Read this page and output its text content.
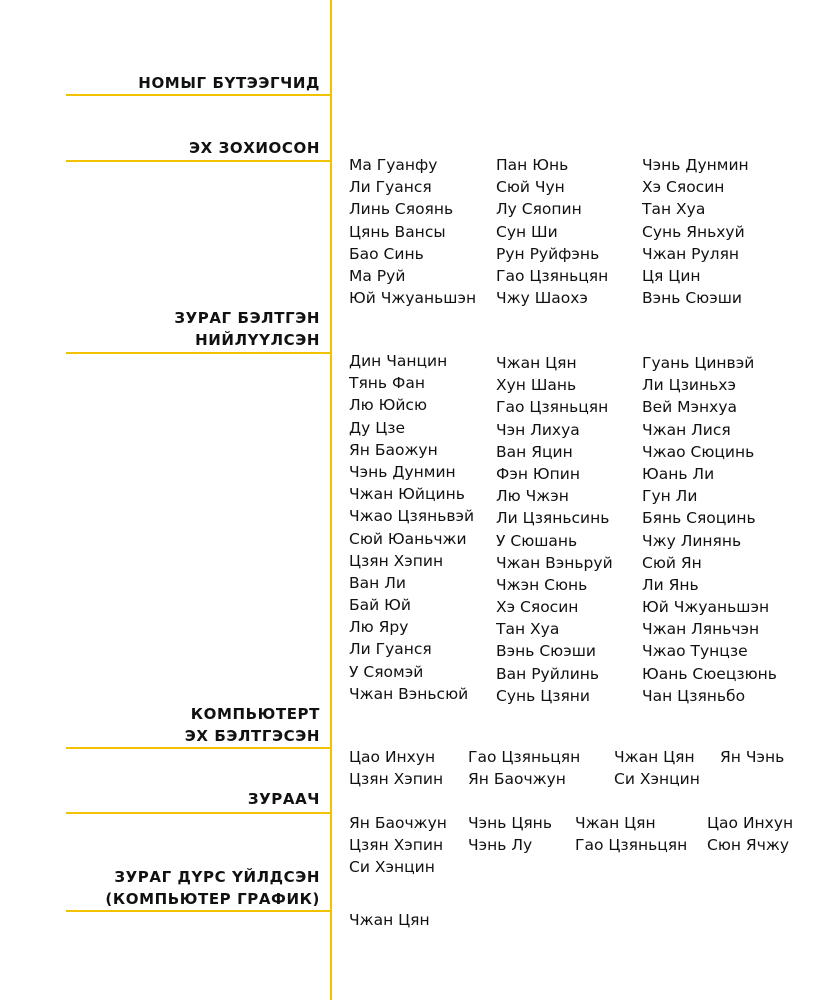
НОМЫГ БҮТЭЭГЧИД
ЭХ ЗОХИОСОН
ЗУРАГ БЭЛТГЭН
НИЙЛҮҮЛСЭН
КОМПЬЮТЕРТ
ЭХ БЭЛТГЭСЭН
ЗУРААЧ
ЗУРАГ ДҮРС ҮЙЛДСЭН
(КОМПЬЮТЕР ГРАФИК)
Ма Гуанфу
Ли Гуанся
Линь Сяоянь
Цянь Вансы
Бао Синь
Ма Руй
Юй Чжуаньшэн
Пан Юнь
Сюй Чун
Лу Сяопин
Сун Ши
Рун Руйфэнь
Гао Цзяньцян
Чжу Шаохэ
Чэнь Дунмин
Хэ Сяосин
Тан Хуа
Сунь Яньхуй
Чжан Рулян
Ця Цин
Вэнь Сюэши
Дин Чанцин
Тянь Фан
Лю Юйсю
Ду Цзе
Ян Баожун
Чэнь Дунмин
Чжан Юйцинь
Чжао Цзяньвэй
Сюй Юаньчжи
Цзян Хэпин
Ван Ли
Бай Юй
Лю Яру
Ли Гуанся
У Сяомэй
Чжан Вэньсюй
Чжан Цян
Хун Шань
Гао Цзяньцян
Чэн Лихуа
Ван Яцин
Фэн Юпин
Лю Чжэн
Ли Цзяньсинь
У Сюшань
Чжан Вэньруй
Чжэн Сюнь
Хэ Сяосин
Тан Хуа
Вэнь Сюэши
Ван Руйлинь
Сунь Цзяни
Гуань Цинвэй
Ли Цзиньхэ
Вей Мэнхуа
Чжан Лися
Чжао Сюцинь
Юань Ли
Гун Ли
Бянь Сяоцинь
Чжу Линянь
Сюй Ян
Ли Янь
Юй Чжуаньшэн
Чжан Ляньчэн
Чжао Тунцзе
Юань Сюецзюнь
Чан Цзяньбо
Цао Инхун
Цзян Хэпин
Гао Цзяньцян
Ян Баочжун
Чжан Цян
Си Хэнцин
Ян Чэнь
Ян Баочжун
Цзян Хэпин
Си Хэнцин
Чэнь Цянь
Чэнь Лу
Чжан Цян
Гао Цзяньцян
Цао Инхун
Сюн Ячжу
Чжан Цян
